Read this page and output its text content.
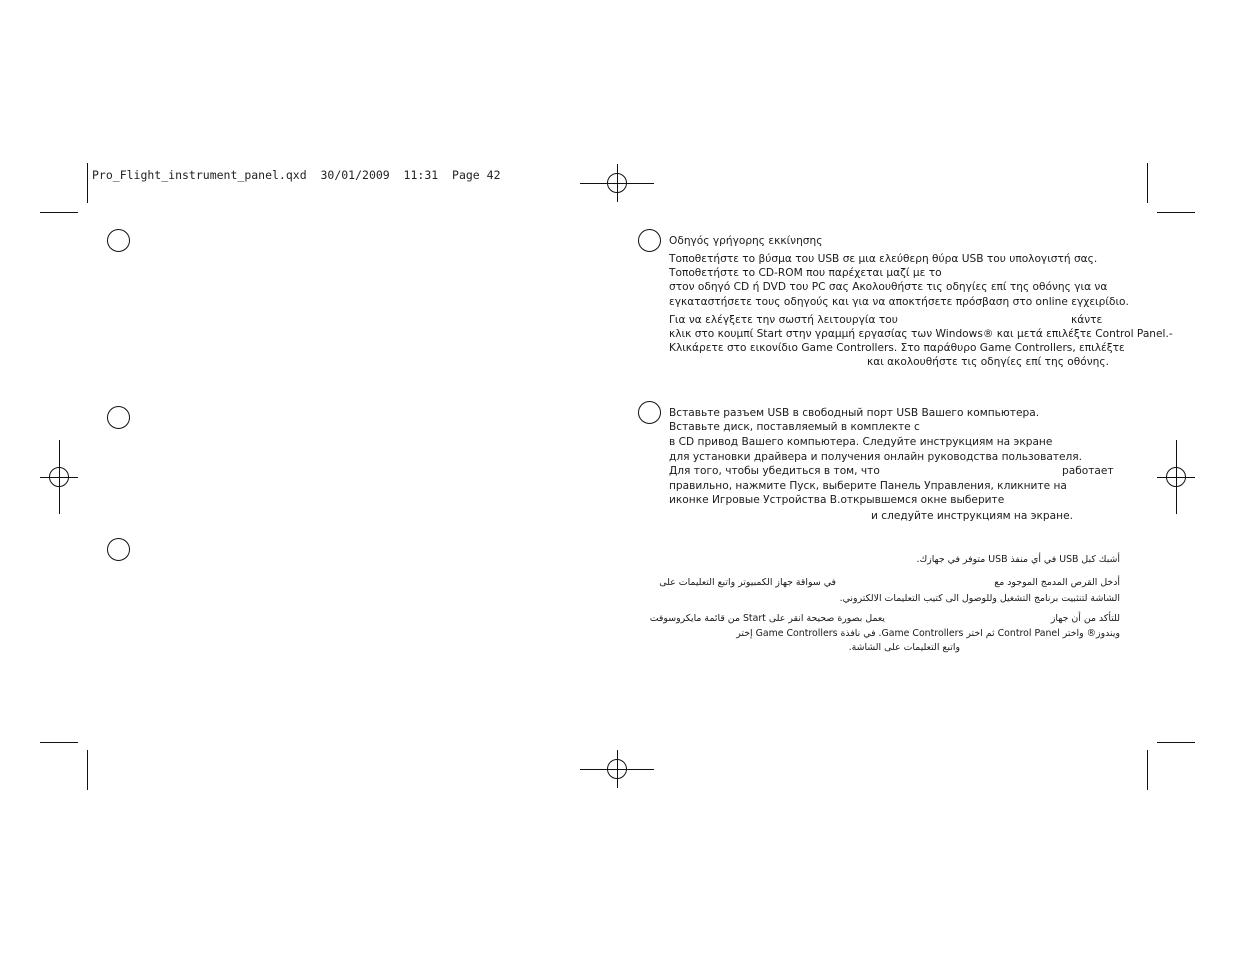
Pro_Flight_instrument_panel.qxd  30/01/2009  11:31  Page 42
Οδηγός γρήγορης εκκίνησης
Τοποθετήστε το βύσμα του USB σε μια ελεύθερη θύρα USB του υπολογιστή σας.
Τοποθετήστε το CD-ROM που παρέχεται μαζί με το
στον οδηγό CD ή DVD του PC σας Ακολουθήστε τις οδηγίες επί της οθόνης για να
εγκαταστήσετε τους οδηγούς και για να αποκτήσετε πρόσβαση στο online εγχειρίδιο.
Για να ελέγξετε την σωστή λειτουργία του	κάντε
κλικ στο κουμπί Start στην γραμμή εργασίας των Windows® και μετά επιλέξτε Control Panel.-
Κλικάρετε στο εικονίδιο Game Controllers. Στο παράθυρο Game Controllers, επιλέξτε
και ακολουθήστε τις οδηγίες επί της οθόνης.
Вставьте разъем USB в свободный порт USB Вашего компьютера.
Вставьте диск, поставляемый в комплекте с
в CD привод Вашего компьютера. Следуйте инструкциям на экране
для установки драйвера и получения онлайн руководства пользователя.
Для того, чтобы убедиться в том, что	работает
правильно, нажмите Пуск, выберите Панель Управления, кликните на
иконке Игровые Устройства В.открывшемся окне выберите
и следуйте инструкциям на экране.
أشبك كبل USB في أي منفذ USB متوفر في جهازك.
أدخل القرص المدمج الموجود مع
في سواقة جهاز الكمبيوتر واتبع التعليمات على
الشاشة لتنثبيت برنامج التشغيل وللوصول الى كتيب التعليمات الالكتروني.
للتأكد من أن جهاز
يعمل بصورة صحيحة انقر على Start من قائمة مايكروسوفت
ويندوز® واختر Control Panel ثم اختر Game Controllers. في نافذة Game Controllers إختر
واتبع التعليمات على الشاشة.
